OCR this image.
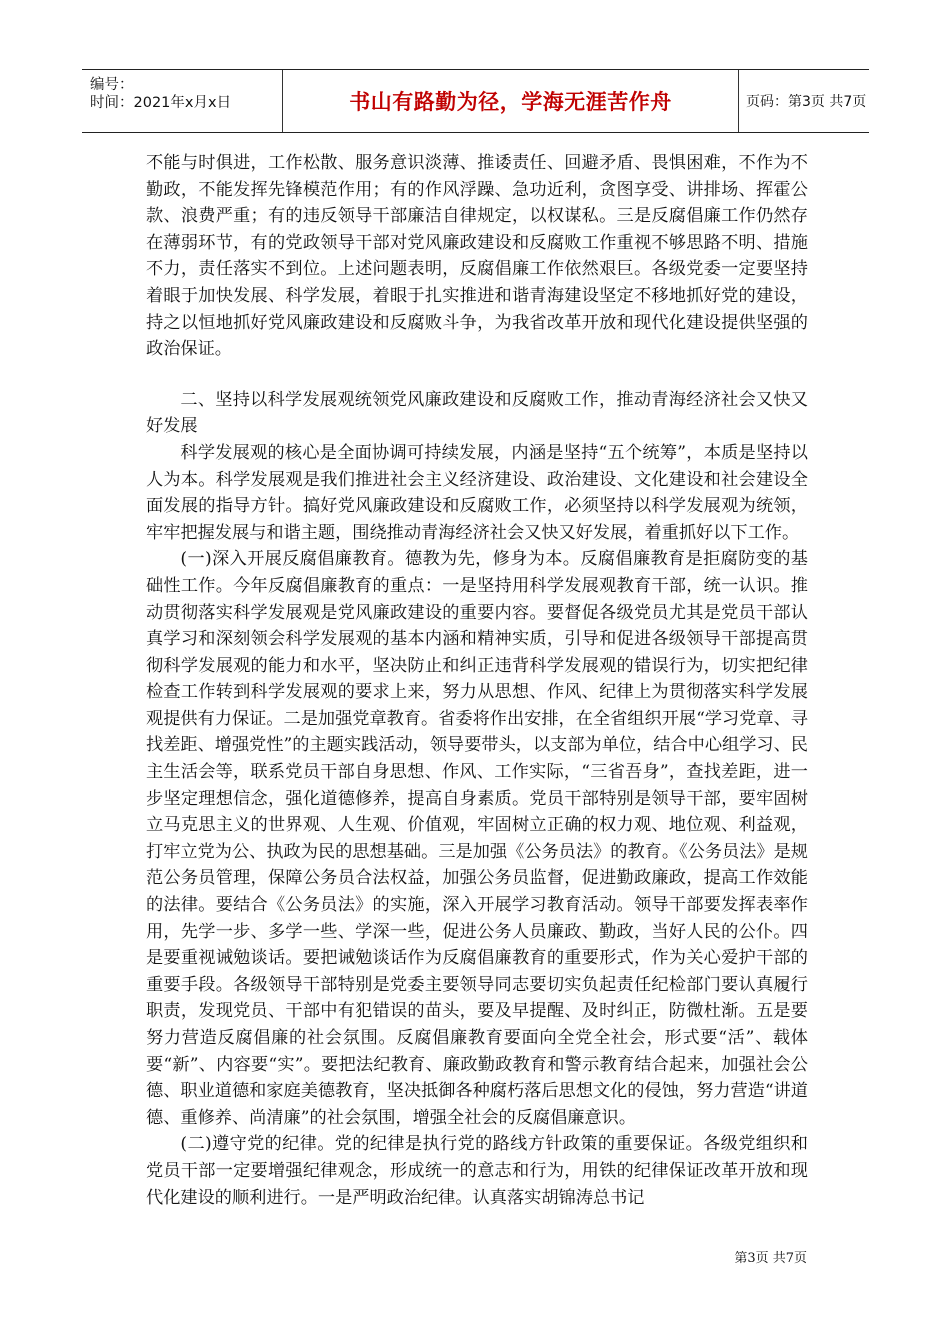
编号：
时间：2021年x月x日	书山有路勤为径，学海无涯苦作舟	页码：第3页 共7页

不能与时俱进，工作松散、服务意识淡薄、推诿责任、回避矛盾、畏惧困难，不作为不勤政，不能发挥先锋模范作用；有的作风浮躁、急功近利，贪图享受、讲排场、挥霍公款、浪费严重；有的违反领导干部廉洁自律规定，以权谋私。三是反腐倡廉工作仍然存在薄弱环节，有的党政领导干部对党风廉政建设和反腐败工作重视不够思路不明、措施不力，责任落实不到位。上述问题表明，反腐倡廉工作依然艰巨。各级党委一定要坚持着眼于加快发展、科学发展，着眼于扎实推进和谐青海建设坚定不移地抓好党的建设，持之以恒地抓好党风廉政建设和反腐败斗争，为我省改革开放和现代化建设提供坚强的政治保证。

二、坚持以科学发展观统领党风廉政建设和反腐败工作，推动青海经济社会又快又好发展

科学发展观的核心是全面协调可持续发展，内涵是坚持“五个统筹”，本质是坚持以人为本。科学发展观是我们推进社会主义经济建设、政治建设、文化建设和社会建设全面发展的指导方针。搞好党风廉政建设和反腐败工作，必须坚持以科学发展观为统领，牢牢把握发展与和谐主题，围绕推动青海经济社会又快又好发展，着重抓好以下工作。

(一)深入开展反腐倡廉教育。德教为先，修身为本。反腐倡廉教育是拒腐防变的基础性工作。今年反腐倡廉教育的重点：一是坚持用科学发展观教育干部，统一认识。推动贯彻落实科学发展观是党风廉政建设的重要内容。要督促各级党员尤其是党员干部认真学习和深刻领会科学发展观的基本内涵和精神实质，引导和促进各级领导干部提高贯彻科学发展观的能力和水平，坚决防止和纠正违背科学发展观的错误行为，切实把纪律检查工作转到科学发展观的要求上来，努力从思想、作风、纪律上为贯彻落实科学发展观提供有力保证。二是加强党章教育。省委将作出安排，在全省组织开展“学习党章、寻找差距、增强党性”的主题实践活动，领导要带头，以支部为单位，结合中心组学习、民主生活会等，联系党员干部自身思想、作风、工作实际，“三省吾身”，查找差距，进一步坚定理想信念，强化道德修养，提高自身素质。党员干部特别是领导干部，要牢固树立马克思主义的世界观、人生观、价值观，牢固树立正确的权力观、地位观、利益观，打牢立党为公、执政为民的思想基础。三是加强《公务员法》的教育。《公务员法》是规范公务员管理，保障公务员合法权益，加强公务员监督，促进勤政廉政，提高工作效能的法律。要结合《公务员法》的实施，深入开展学习教育活动。领导干部要发挥表率作用，先学一步、多学一些、学深一些，促进公务人员廉政、勤政，当好人民的公仆。四是要重视诫勉谈话。要把诫勉谈话作为反腐倡廉教育的重要形式，作为关心爱护干部的重要手段。各级领导干部特别是党委主要领导同志要切实负起责任纪检部门要认真履行职责，发现党员、干部中有犯错误的苗头，要及早提醒、及时纠正，防微杜渐。五是要努力营造反腐倡廉的社会氛围。反腐倡廉教育要面向全党全社会，形式要“活”、载体要“新”、内容要“实”。要把法纪教育、廉政勤政教育和警示教育结合起来，加强社会公德、职业道德和家庭美德教育，坚决抵御各种腐朽落后思想文化的侵蚀，努力营造“讲道德、重修养、尚清廉”的社会氛围，增强全社会的反腐倡廉意识。

(二)遵守党的纪律。党的纪律是执行党的路线方针政策的重要保证。各级党组织和党员干部一定要增强纪律观念，形成统一的意志和行为，用铁的纪律保证改革开放和现代化建设的顺利进行。一是严明政治纪律。认真落实胡锦涛总书记

第3页 共7页
